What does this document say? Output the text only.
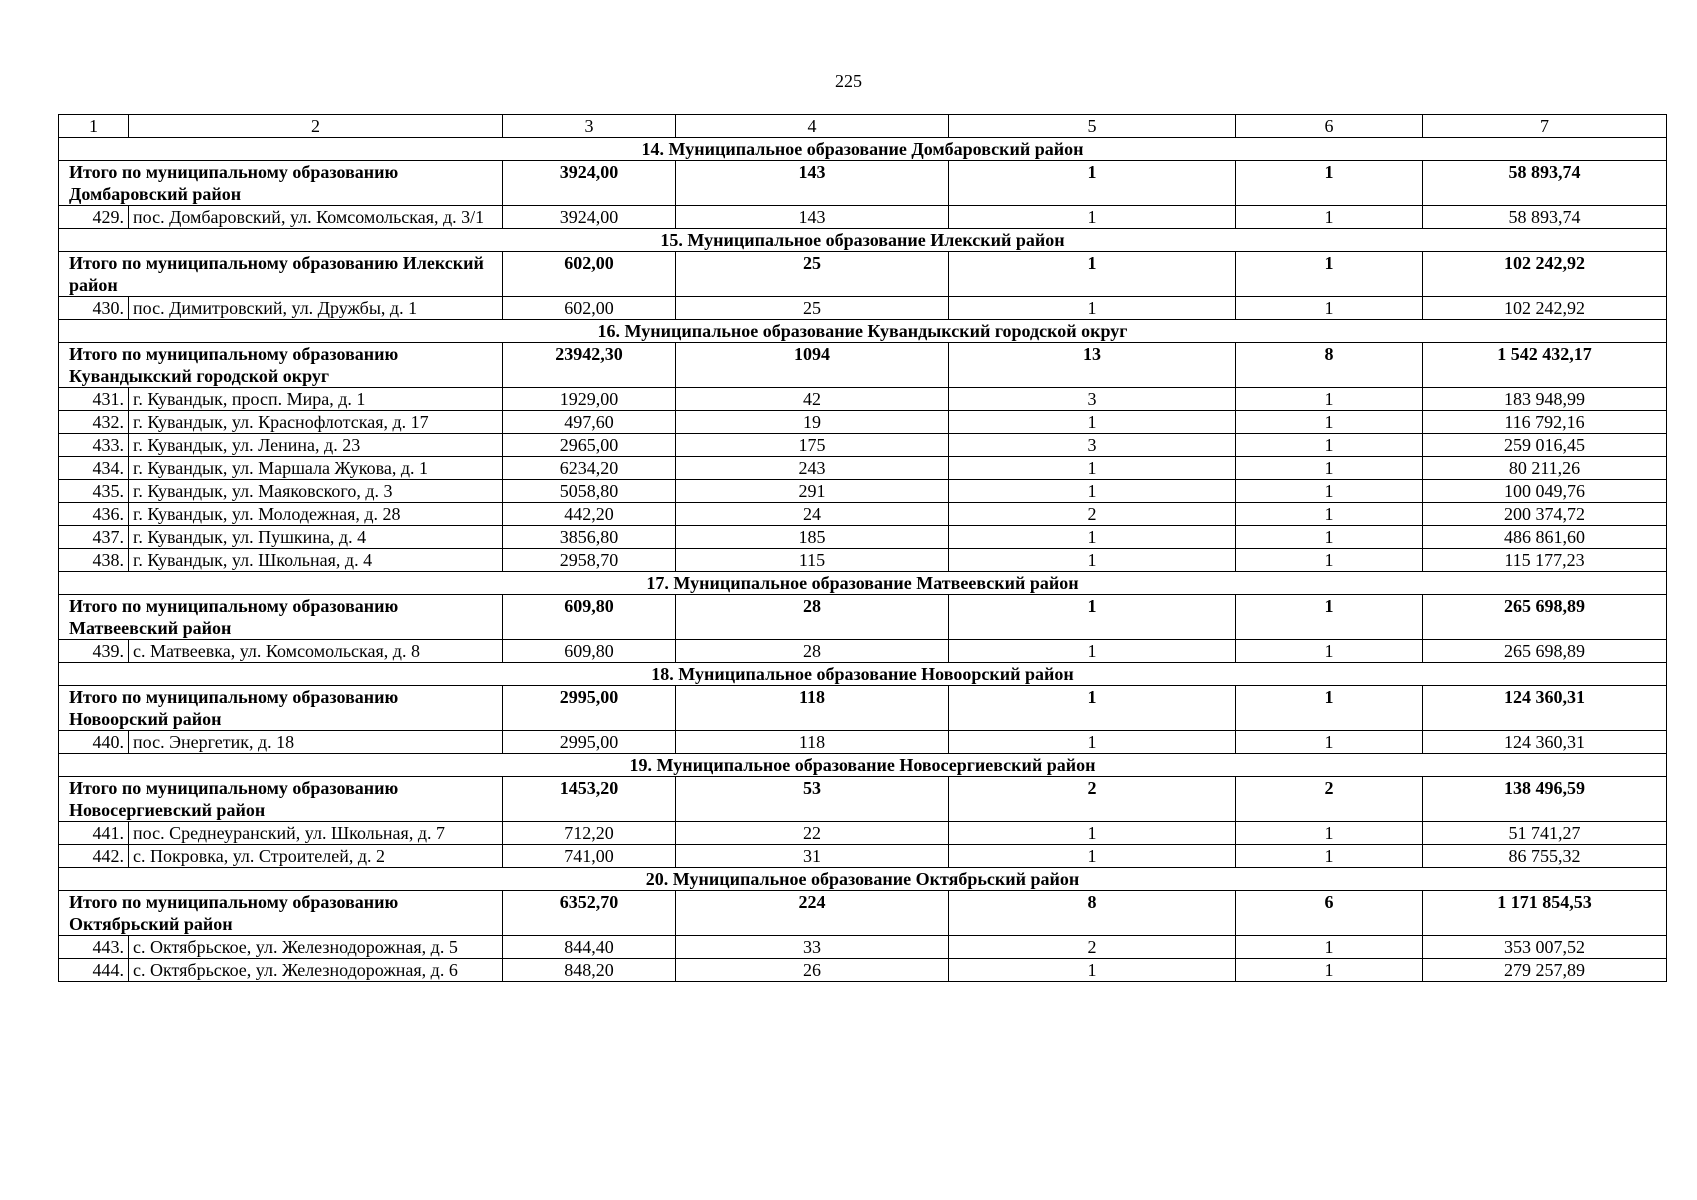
225
1	2	3	4	5	6	7
14. Муниципальное образование Домбаровский район						
Итого по муниципальному образованию Домбаровский район		3924,00	143	1	1	58 893,74
429.	пос. Домбаровский, ул. Комсомольская, д. 3/1	3924,00	143	1	1	58 893,74
15. Муниципальное образование Илекский район						
Итого по муниципальному образованию Илекский район		602,00	25	1	1	102 242,92
430.	пос. Димитровский, ул. Дружбы, д. 1	602,00	25	1	1	102 242,92
16. Муниципальное образование Кувандыкский городской округ						
Итого по муниципальному образованию Кувандыкский городской округ		23942,30	1094	13	8	1 542 432,17
431.	г. Кувандык, просп. Мира, д. 1	1929,00	42	3	1	183 948,99
432.	г. Кувандык, ул. Краснофлотская, д. 17	497,60	19	1	1	116 792,16
433.	г. Кувандык, ул. Ленина, д. 23	2965,00	175	3	1	259 016,45
434.	г. Кувандык, ул. Маршала Жукова, д. 1	6234,20	243	1	1	80 211,26
435.	г. Кувандык, ул. Маяковского, д. 3	5058,80	291	1	1	100 049,76
436.	г. Кувандык, ул. Молодежная, д. 28	442,20	24	2	1	200 374,72
437.	г. Кувандык, ул. Пушкина, д. 4	3856,80	185	1	1	486 861,60
438.	г. Кувандык, ул. Школьная, д. 4	2958,70	115	1	1	115 177,23
17. Муниципальное образование Матвеевский район						
Итого по муниципальному образованию Матвеевский район		609,80	28	1	1	265 698,89
439.	с. Матвеевка, ул. Комсомольская, д. 8	609,80	28	1	1	265 698,89
18. Муниципальное образование Новоорский район						
Итого по муниципальному образованию Новоорский район		2995,00	118	1	1	124 360,31
440.	пос. Энергетик, д. 18	2995,00	118	1	1	124 360,31
19. Муниципальное образование Новосергиевский район						
Итого по муниципальному образованию Новосергиевский район		1453,20	53	2	2	138 496,59
441.	пос. Среднеуранский, ул. Школьная, д. 7	712,20	22	1	1	51 741,27
442.	с. Покровка, ул. Строителей, д. 2	741,00	31	1	1	86 755,32
20. Муниципальное образование Октябрьский район						
Итого по муниципальному образованию Октябрьский район		6352,70	224	8	6	1 171 854,53
443.	с. Октябрьское, ул. Железнодорожная, д. 5	844,40	33	2	1	353 007,52
444.	с. Октябрьское, ул. Железнодорожная, д. 6	848,20	26	1	1	279 257,89
